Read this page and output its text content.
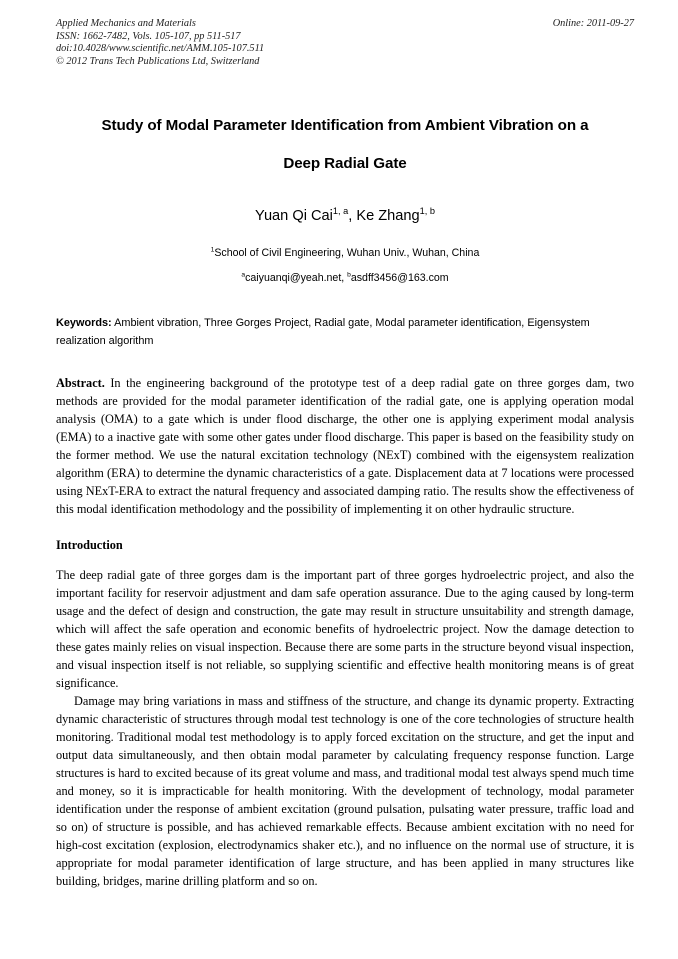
Applied Mechanics and Materials
ISSN: 1662-7482, Vols. 105-107, pp 511-517
doi:10.4028/www.scientific.net/AMM.105-107.511
© 2012 Trans Tech Publications Ltd, Switzerland
Online: 2011-09-27
Study of Modal Parameter Identification from Ambient Vibration on a
Deep Radial Gate
Yuan Qi Cai$^{1, a}$, Ke Zhang$^{1, b}$
$^1$School of Civil Engineering, Wuhan Univ., Wuhan, China
$^a$caiyuanqi@yeah.net, $^b$asdff3456@163.com
Keywords: Ambient vibration, Three Gorges Project, Radial gate, Modal parameter identification, Eigensystem realization algorithm
Abstract. In the engineering background of the prototype test of a deep radial gate on three gorges dam, two methods are provided for the modal parameter identification of the radial gate, one is applying operation modal analysis (OMA) to a gate which is under flood discharge, the other one is applying experiment modal analysis (EMA) to a inactive gate with some other gates under flood discharge. This paper is based on the feasibility study on the former method. We use the natural excitation technology (NExT) combined with the eigensystem realization algorithm (ERA) to determine the dynamic characteristics of a gate. Displacement data at 7 locations were processed using NExT-ERA to extract the natural frequency and associated damping ratio. The results show the effectiveness of this modal identification methodology and the possibility of implementing it on other hydraulic structure.
Introduction
The deep radial gate of three gorges dam is the important part of three gorges hydroelectric project, and also the important facility for reservoir adjustment and dam safe operation assurance. Due to the aging caused by long-term usage and the defect of design and construction, the gate may result in structure unsuitability and strength damage, which will affect the safe operation and economic benefits of hydroelectric project. Now the damage detection to these gates mainly relies on visual inspection. Because there are some parts in the structure beyond visual inspection, and visual inspection itself is not reliable, so supplying scientific and effective health monitoring means is of great significance.
Damage may bring variations in mass and stiffness of the structure, and change its dynamic property. Extracting dynamic characteristic of structures through modal test technology is one of the core technologies of structure health monitoring. Traditional modal test methodology is to apply forced excitation on the structure, and get the input and output data simultaneously, and then obtain modal parameter by calculating frequency response function. Large structures is hard to excited because of its great volume and mass, and traditional modal test always spend much time and money, so it is impracticable for health monitoring. With the development of technology, modal parameter identification under the response of ambient excitation (ground pulsation, pulsating water pressure, traffic load and so on) of structure is possible, and has achieved remarkable effects. Because ambient excitation with no need for high-cost excitation (explosion, electrodynamics shaker etc.), and no influence on the normal use of structure, it is appropriate for modal parameter identification of large structure, and has been applied in many structures like building, bridges, marine drilling platform and so on.
